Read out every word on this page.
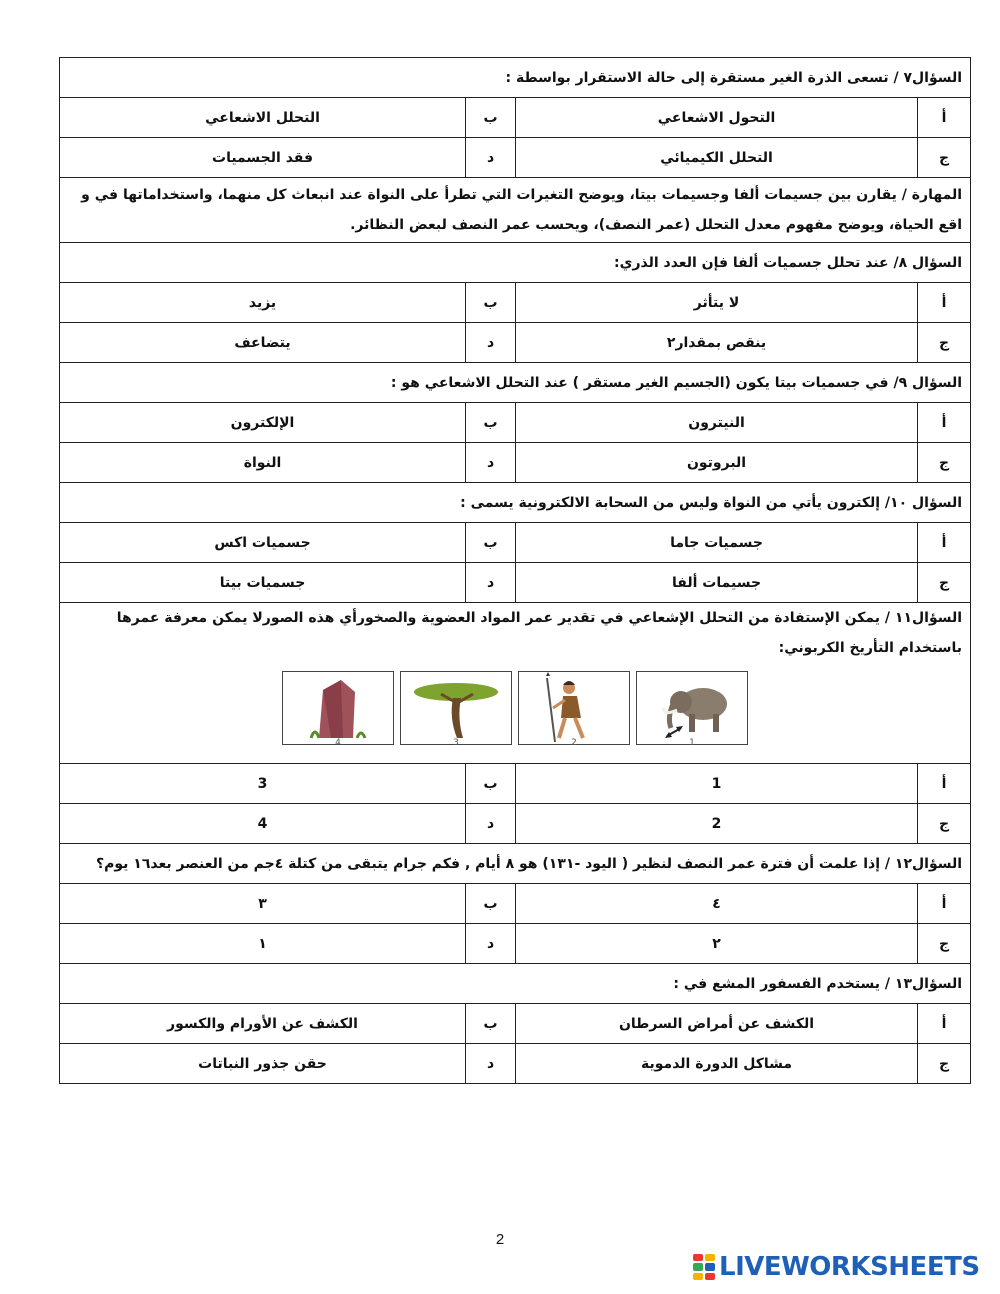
السؤال٧ / تسعى الذرة الغير مستقرة إلى حالة الاستقرار بواسطة :			
أ	التحول الاشعاعي	ب	التحلل الاشعاعي
ج	التحلل الكيميائي	د	فقد الجسميات
المهارة / يقارن بين جسيمات ألفا وجسيمات بيتا، ويوضح التغيرات التي تطرأ على النواة عند انبعاث كل منهما، واستخداماتها في و اقع الحياة، ويوضح مفهوم معدل التحلل (عمر النصف)، ويحسب عمر النصف لبعض النظائر.			
السؤال ٨/ عند تحلل جسميات ألفا فإن العدد الذري:			
أ	لا يتأثر	ب	يزيد
ج	ينقص بمقدار٢	د	يتضاعف
السؤال ٩/ في جسميات بيتا يكون (الجسيم الغير مستقر ) عند التحلل الاشعاعي هو :			
أ	النيترون	ب	الإلكترون
ج	البروتون	د	النواة
السؤال ١٠/ إلكترون يأتي من النواة وليس من السحابة الالكترونية يسمى :			
أ	جسميات جاما	ب	جسميات اكس
ج	جسيمات ألفا	د	جسميات بيتا
السؤال١١ / يمكن الإستفادة من التحلل الإشعاعي في تقدير عمر المواد العضوية والصخورأي هذه الصورلا يمكن معرفة عمرها باستخدام التأريخ الكربوني:
4 3 2 1			

أ	1	ب	3
ج	2	د	4
السؤال١٢ / إذا علمت أن فترة عمر النصف لنظير ( اليود -١٣١) هو ٨ أيام , فكم جرام يتبقى من كتلة ٤جم من العنصر بعد١٦ يوم؟			
أ	٤	ب	٣
ج	٢	د	١
السؤال١٣ / يستخدم الفسفور المشع في :			
أ	الكشف عن أمراض السرطان	ب	الكشف عن الأورام والكسور
ج	مشاكل الدورة الدموية	د	حقن جذور النباتات
2
LIVEWORKSHEETS
